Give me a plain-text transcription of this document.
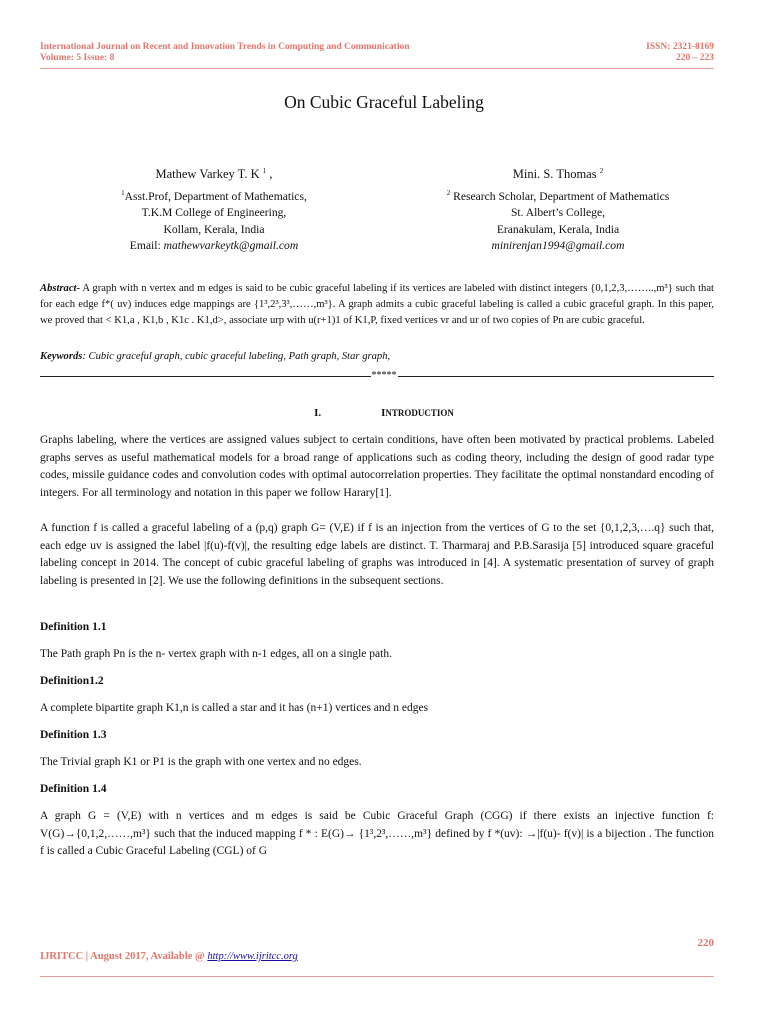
International Journal on Recent and Innovation Trends in Computing and Communication
Volume: 5 Issue: 8
ISSN: 2321-8169
220 – 223
On Cubic Graceful Labeling
Mathew Varkey T. K $^1$ ,
$^1$Asst.Prof, Department of Mathematics,
T.K.M College of Engineering,
Kollam, Kerala, India
Email: mathewvarkeytk@gmail.com
Mini. S. Thomas $^2$
$^2$ Research Scholar, Department of Mathematics
St. Albert’s College,
Eranakulam, Kerala, India
minirenjan1994@gmail.com
Abstract- A graph with n vertex and m edges is said to be cubic graceful labeling if its vertices are labeled with distinct integers {0,1,2,3,……..,m³} such that for each edge f*( uv) induces edge mappings are {1³,2³,3³,……,m³}. A graph admits a cubic graceful labeling is called a cubic graceful graph. In this paper, we proved that < K1,a , K1,b , K1c . K1,d>, associate urp with u(r+1)1 of K1,P, fixed vertices vr and ur of two copies of Pn are cubic graceful.
Keywords: Cubic graceful graph, cubic graceful labeling, Path graph, Star graph,
*****
I.	INTRODUCTION
Graphs labeling, where the vertices are assigned values subject to certain conditions, have often been motivated by practical problems. Labeled graphs serves as useful mathematical models for a broad range of applications such as coding theory, including the design of good radar type codes, missile guidance codes and convolution codes with optimal autocorrelation properties. They facilitate the optimal nonstandard encoding of integers. For all terminology and notation in this paper we follow Harary[1].
A function f is called a graceful labeling of a (p,q) graph G= (V,E) if f is an injection from the vertices of G to the set {0,1,2,3,….q} such that, each edge uv is assigned the label |f(u)-f(v)|, the resulting edge labels are distinct. T. Tharmaraj and P.B.Sarasija [5] introduced square graceful labeling concept in 2014. The concept of cubic graceful labeling of graphs was introduced in [4]. A systematic presentation of survey of graph labeling is presented in [2]. We use the following definitions in the subsequent sections.
Definition 1.1
The Path graph Pn is the n- vertex graph with n-1 edges, all on a single path.
Definition1.2
A complete bipartite graph K1,n is called a star and it has (n+1) vertices and n edges
Definition 1.3
The Trivial graph K1 or P1 is the graph with one vertex and no edges.
Definition 1.4
A graph G = (V,E) with n vertices and m edges is said be Cubic Graceful Graph (CGG) if there exists an injective function f: V(G)→{0,1,2,……,m³} such that the induced mapping f * : E(G)→ {1³,2³,……,m³} defined by f *(uv): →|f(u)- f(v)| is a bijection . The function f is called a Cubic Graceful Labeling (CGL) of G
220
IJRITCC | August 2017, Available @ http://www.ijritcc.org
